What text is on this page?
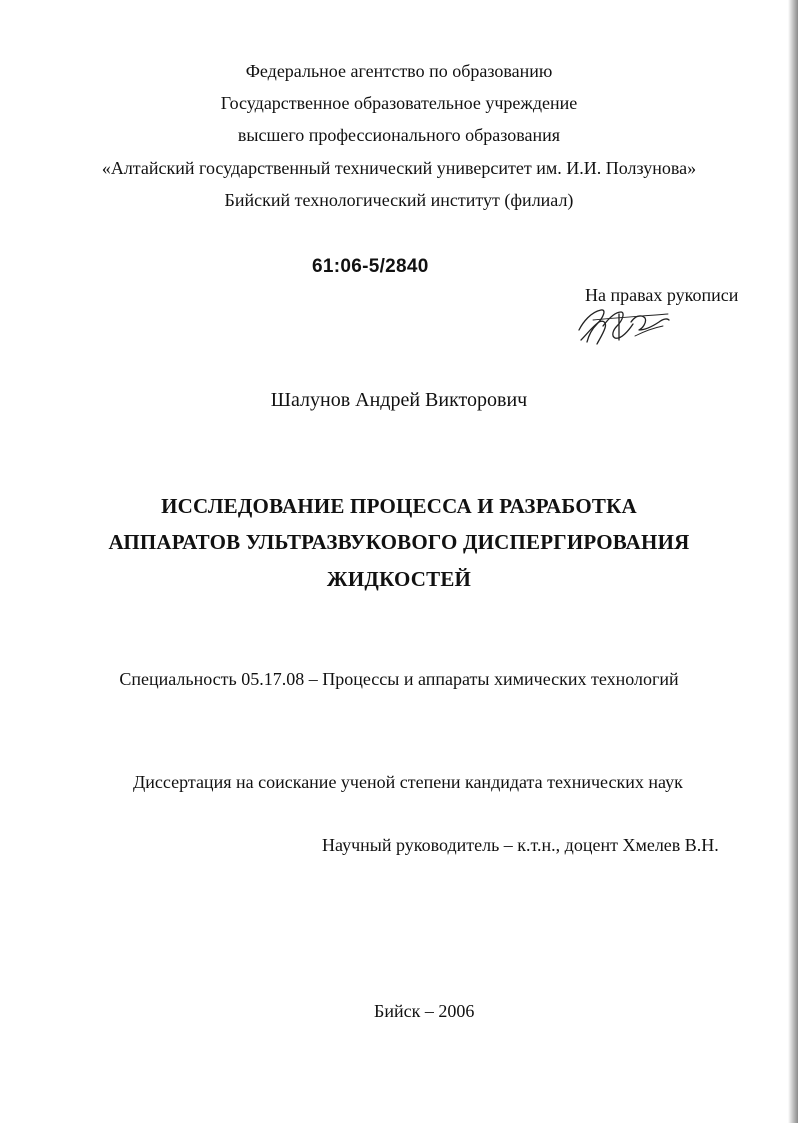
Федеральное агентство по образованию
Государственное образовательное учреждение
высшего профессионального образования
«Алтайский государственный технический университет им. И.И. Ползунова»
Бийский технологический институт (филиал)
61:06-5/2840
На правах рукописи
Шалунов Андрей Викторович
ИССЛЕДОВАНИЕ ПРОЦЕССА И РАЗРАБОТКА
АППАРАТОВ УЛЬТРАЗВУКОВОГО ДИСПЕРГИРОВАНИЯ
ЖИДКОСТЕЙ
Специальность 05.17.08 – Процессы и аппараты химических технологий
Диссертация на соискание ученой степени кандидата технических наук
Научный руководитель – к.т.н., доцент Хмелев В.Н.
Бийск – 2006
